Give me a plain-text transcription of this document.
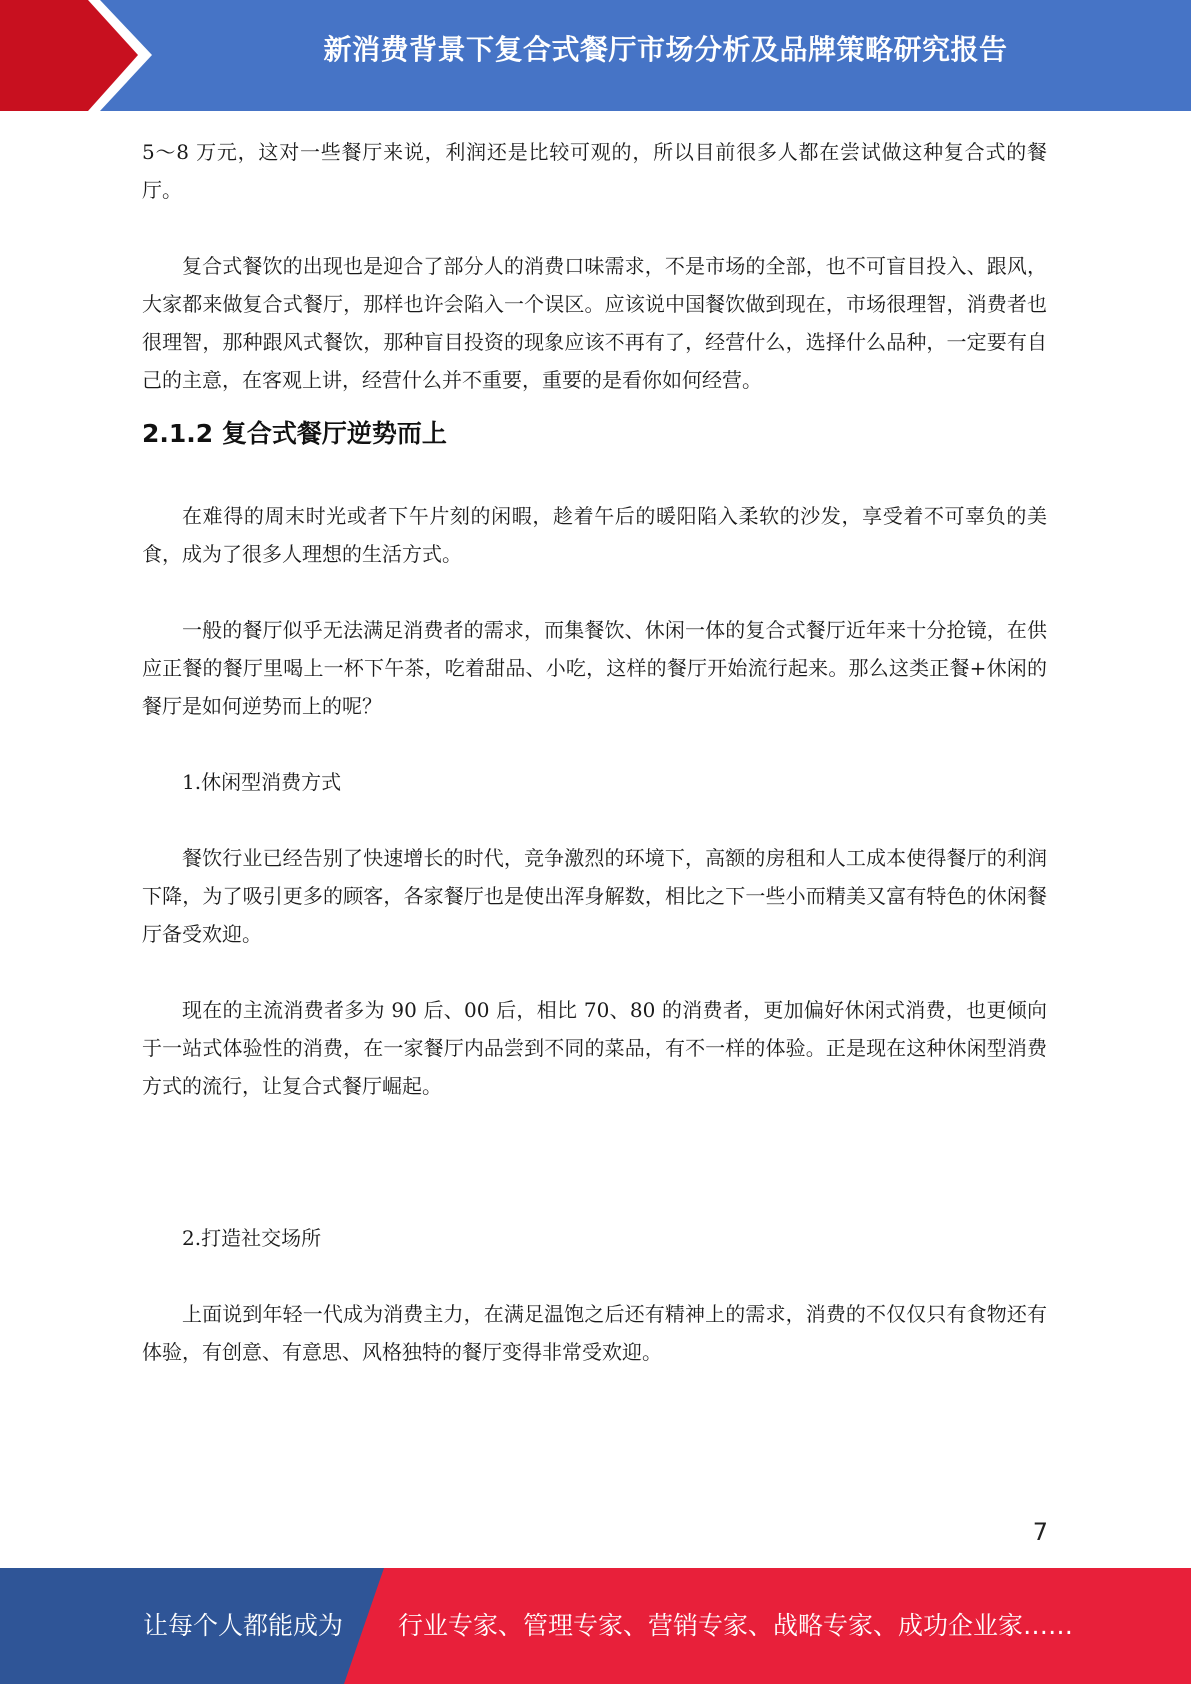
新消费背景下复合式餐厅市场分析及品牌策略研究报告

5～8 万元，这对一些餐厅来说，利润还是比较可观的，所以目前很多人都在尝试做这种复合式的餐厅。

复合式餐饮的出现也是迎合了部分人的消费口味需求，不是市场的全部，也不可盲目投入、跟风，大家都来做复合式餐厅，那样也许会陷入一个误区。应该说中国餐饮做到现在，市场很理智，消费者也很理智，那种跟风式餐饮，那种盲目投资的现象应该不再有了，经营什么，选择什么品种，一定要有自己的主意，在客观上讲，经营什么并不重要，重要的是看你如何经营。

2.1.2 复合式餐厅逆势而上

在难得的周末时光或者下午片刻的闲暇，趁着午后的暖阳陷入柔软的沙发，享受着不可辜负的美食，成为了很多人理想的生活方式。

一般的餐厅似乎无法满足消费者的需求，而集餐饮、休闲一体的复合式餐厅近年来十分抢镜，在供应正餐的餐厅里喝上一杯下午茶，吃着甜品、小吃，这样的餐厅开始流行起来。那么这类正餐+休闲的餐厅是如何逆势而上的呢？

1.休闲型消费方式

餐饮行业已经告别了快速增长的时代，竞争激烈的环境下，高额的房租和人工成本使得餐厅的利润下降，为了吸引更多的顾客，各家餐厅也是使出浑身解数，相比之下一些小而精美又富有特色的休闲餐厅备受欢迎。

现在的主流消费者多为 90 后、00 后，相比 70、80 的消费者，更加偏好休闲式消费，也更倾向于一站式体验性的消费，在一家餐厅内品尝到不同的菜品，有不一样的体验。正是现在这种休闲型消费方式的流行，让复合式餐厅崛起。

2.打造社交场所

上面说到年轻一代成为消费主力，在满足温饱之后还有精神上的需求，消费的不仅仅只有食物还有体验，有创意、有意思、风格独特的餐厅变得非常受欢迎。

7
让每个人都能成为 行业专家、管理专家、营销专家、战略专家、成功企业家……
